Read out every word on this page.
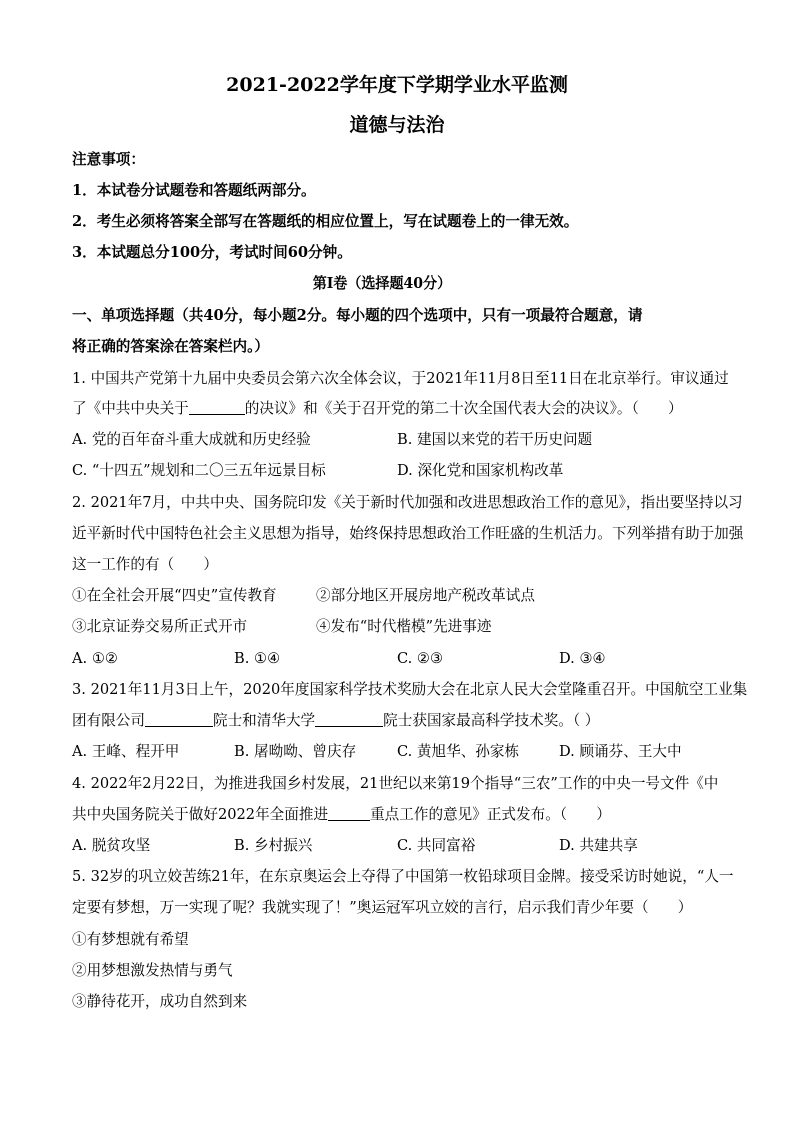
2021-2022学年度下学期学业水平监测
道德与法治
注意事项：
1．本试卷分试题卷和答题纸两部分。
2．考生必须将答案全部写在答题纸的相应位置上，写在试题卷上的一律无效。
3．本试题总分100分，考试时间60分钟。
第Ⅰ卷（选择题40分）
一、单项选择题（共40分，每小题2分。每小题的四个选项中，只有一项最符合题意，请
将正确的答案涂在答案栏内。）
1. 中国共产党第十九届中央委员会第六次全体会议，于2021年11月8日至11日在北京举行。审议通过
了《中共中央关于	的决议》和《关于召开党的第二十次全国代表大会的决议》。（　　）
A. 党的百年奋斗重大成就和历史经验	B. 建国以来党的若干历史问题
C. “十四五”规划和二〇三五年远景目标	D. 深化党和国家机构改革
2. 2021年7月，中共中央、国务院印发《关于新时代加强和改进思想政治工作的意见》，指出要坚持以习
近平新时代中国特色社会主义思想为指导，始终保持思想政治工作旺盛的生机活力。下列举措有助于加强
这一工作的有（　　）
①在全社会开展“四史”宣传教育	②部分地区开展房地产税改革试点
③北京证券交易所正式开市	④发布“时代楷模”先进事迹
A. ①②	B. ①④	C. ②③	D. ③④
3. 2021年11月3日上午，2020年度国家科学技术奖励大会在北京人民大会堂隆重召开。中国航空工业集
团有限公司	院士和清华大学	院士获国家最高科学技术奖。（ ）
A. 王峰、程开甲	B. 屠呦呦、曾庆存	C. 黄旭华、孙家栋	D. 顾诵芬、王大中
4. 2022年2月22日，为推进我国乡村发展，21世纪以来第19个指导“三农”工作的中央一号文件《中
共中央国务院关于做好2022年全面推进	重点工作的意见》正式发布。（　　）
A. 脱贫攻坚	B. 乡村振兴	C. 共同富裕	D. 共建共享
5. 32岁的巩立姣苦练21年，在东京奥运会上夺得了中国第一枚铅球项目金牌。接受采访时她说，“人一
定要有梦想，万一实现了呢？我就实现了！”奥运冠军巩立姣的言行，启示我们青少年要（　　）
①有梦想就有希望
②用梦想激发热情与勇气
③静待花开，成功自然到来
